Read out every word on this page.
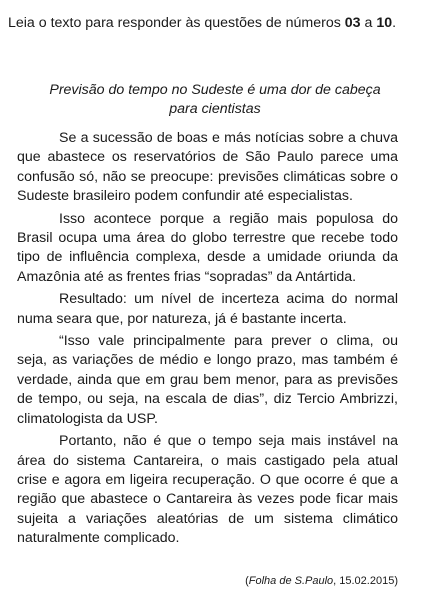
Leia o texto para responder às questões de números 03 a 10.
Previsão do tempo no Sudeste é uma dor de cabeça
para cientistas

Se a sucessão de boas e más notícias sobre a chuva que abastece os reservatórios de São Paulo parece uma confusão só, não se preocupe: previsões climáticas sobre o Sudeste brasileiro podem confundir até especialistas.

Isso acontece porque a região mais populosa do Brasil ocupa uma área do globo terrestre que recebe todo tipo de influência complexa, desde a umidade oriunda da Amazônia até as frentes frias “sopradas” da Antártida.

Resultado: um nível de incerteza acima do normal numa seara que, por natureza, já é bastante incerta.

“Isso vale principalmente para prever o clima, ou seja, as variações de médio e longo prazo, mas também é verdade, ainda que em grau bem menor, para as previsões de tempo, ou seja, na escala de dias”, diz Tercio Ambrizzi, climatologista da USP.

Portanto, não é que o tempo seja mais instável na área do sistema Cantareira, o mais castigado pela atual crise e agora em ligeira recuperação. O que ocorre é que a região que abastece o Cantareira às vezes pode ficar mais sujeita a variações aleatórias de um sistema climático naturalmente complicado.

(Folha de S.Paulo, 15.02.2015)
